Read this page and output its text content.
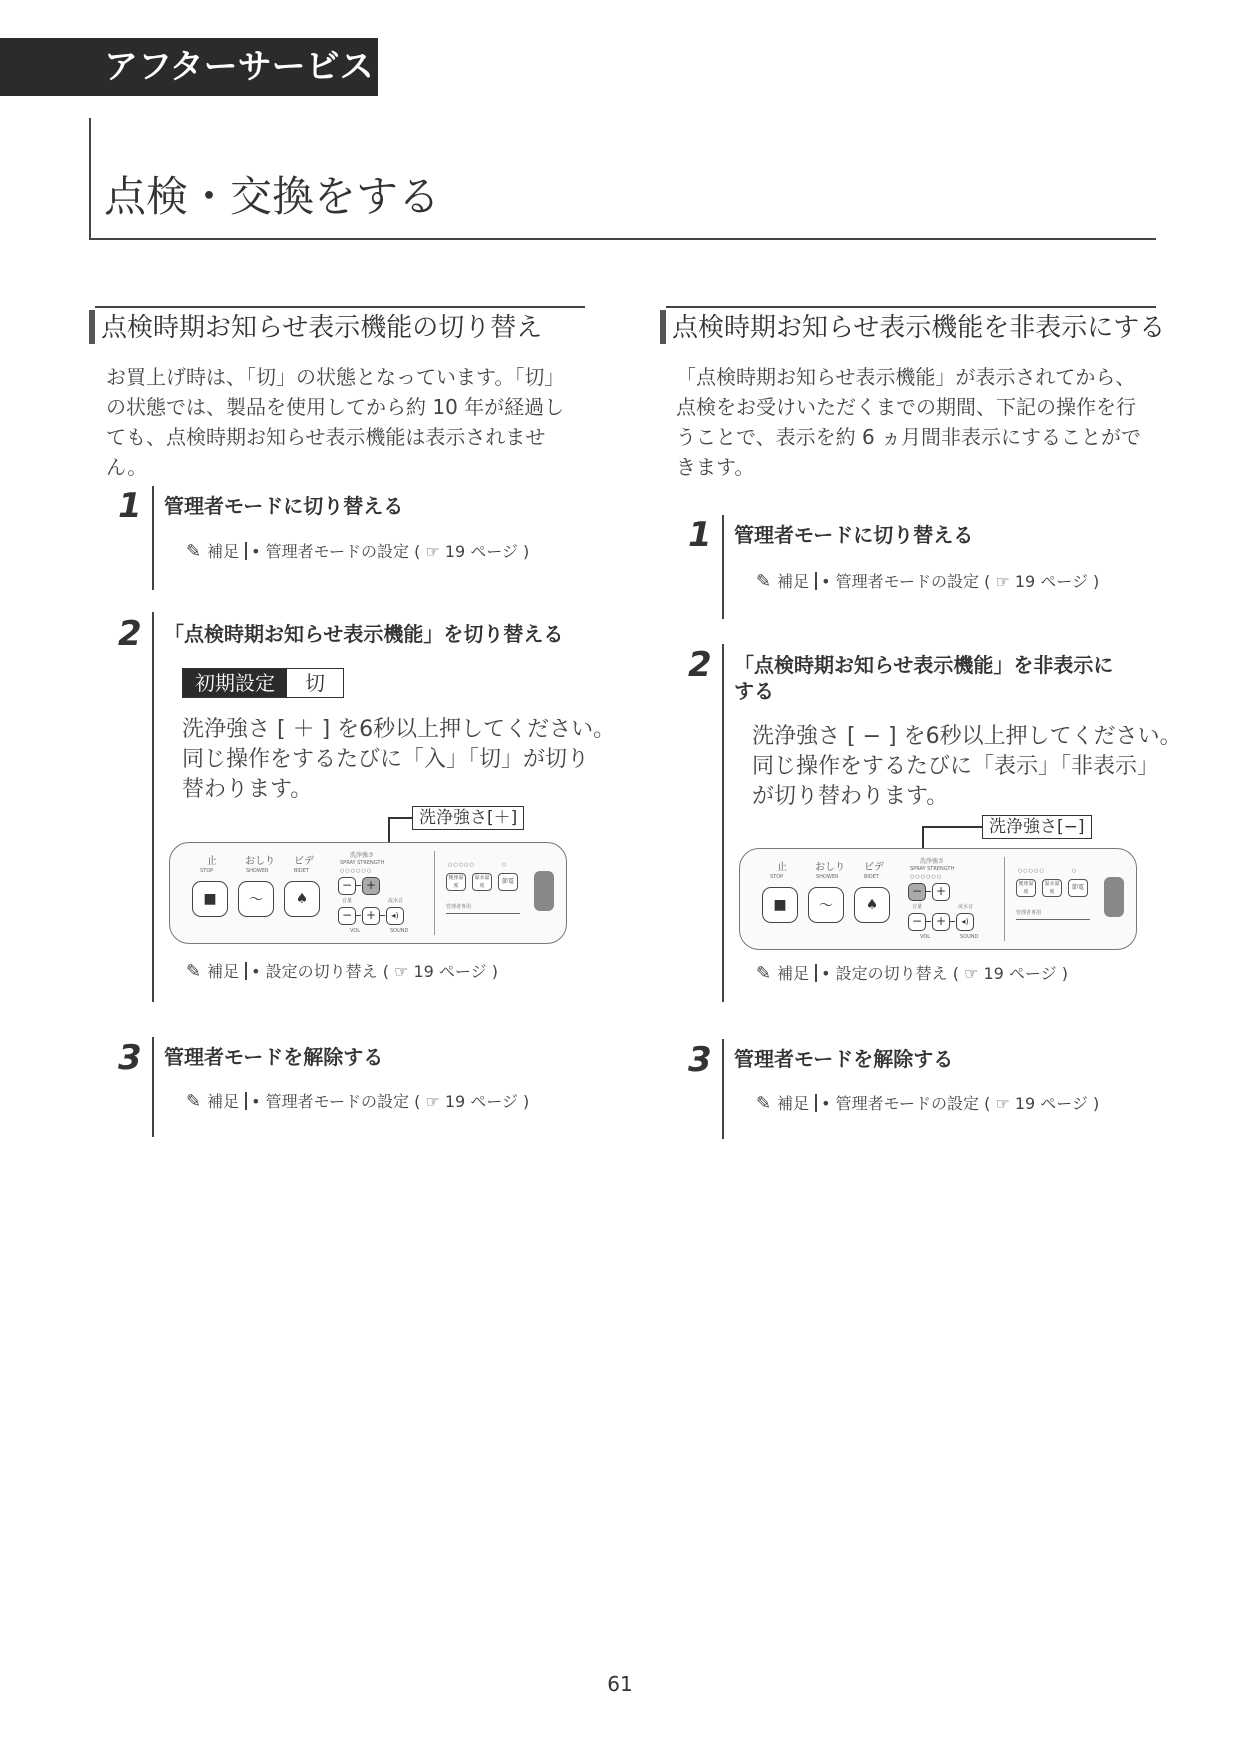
アフターサービス
点検・交換をする
点検時期お知らせ表示機能の切り替え
お買上げ時は、「切」の状態となっています。「切」
の状態では、製品を使用してから約 10 年が経過し
ても、点検時期お知らせ表示機能は表示されません。
1 管理者モードに切り替える
✎ 補足 • 管理者モードの設定 ( ☞ 19 ページ )
2 「点検時期お知らせ表示機能」を切り替える
初期設定	切
洗浄強さ [ ＋ ] を6秒以上押してください。
同じ操作をするたびに「入」「切」が切り
替わります。
洗浄強さ[＋]
止
STOP
おしり
SHOWER
ビデ
BIDET
■ 〜 ♠
洗浄強さ
SPRAY STRENGTH
○○○○○○
−	+
音量	流水音
−	+	◂)
VOL	SOUND
○○○○○	○
便座温度
温水温度
節電
管理者専用
✎ 補足 • 設定の切り替え ( ☞ 19 ページ )
3 管理者モードを解除する
✎ 補足 • 管理者モードの設定 ( ☞ 19 ページ )
点検時期お知らせ表示機能を非表示にする
「点検時期お知らせ表示機能」が表示されてから、
点検をお受けいただくまでの期間、下記の操作を行
うことで、表示を約 6 ヵ月間非表示にすることがで
きます。
1 管理者モードに切り替える
✎ 補足 • 管理者モードの設定 ( ☞ 19 ページ )
2 「点検時期お知らせ表示機能」を非表示に
する
洗浄強さ [ − ] を6秒以上押してください。
同じ操作をするたびに「表示」「非表示」
が切り替わります。
洗浄強さ[−]
止
STOP
おしり
SHOWER
ビデ
BIDET
■ 〜 ♠
洗浄強さ
SPRAY STRENGTH
○○○○○○
−	+
音量	流水音
−	+	◂)
VOL	SOUND
○○○○○	○
便座温度
温水温度
節電
管理者専用
✎ 補足 • 設定の切り替え ( ☞ 19 ページ )
3 管理者モードを解除する
✎ 補足 • 管理者モードの設定 ( ☞ 19 ページ )
61
